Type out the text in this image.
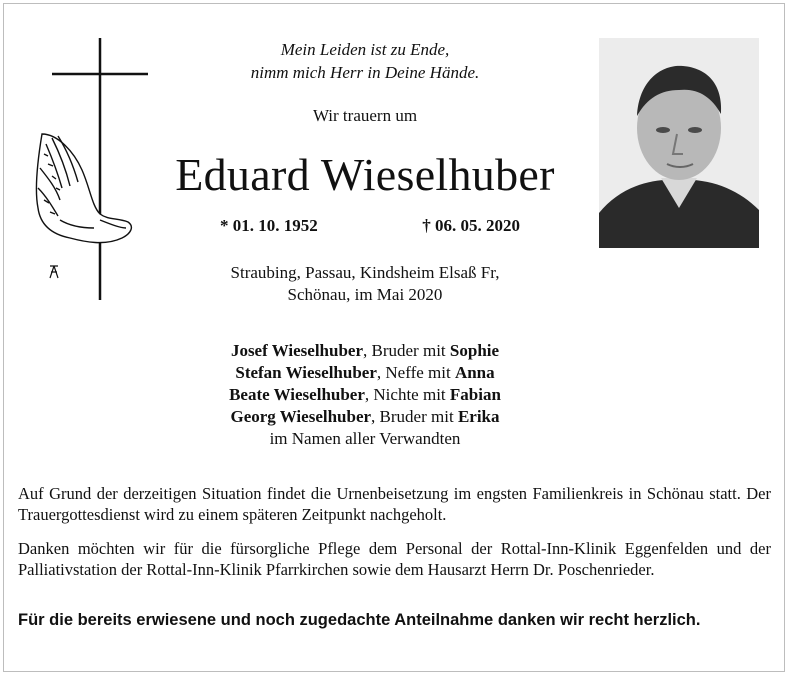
Mein Leiden ist zu Ende,
nimm mich Herr in Deine Hände.
Wir trauern um
Eduard Wieselhuber
* 01. 10. 1952	† 06. 05. 2020
Straubing, Passau, Kindsheim Elsaß Fr,
Schönau, im Mai 2020
Josef Wieselhuber, Bruder mit Sophie
Stefan Wieselhuber, Neffe mit Anna
Beate Wieselhuber, Nichte mit Fabian
Georg Wieselhuber, Bruder mit Erika
im Namen aller Verwandten
Auf Grund der derzeitigen Situation findet die Urnenbeisetzung im engsten Familienkreis in Schönau statt. Der Trauergottesdienst wird zu einem späteren Zeitpunkt nachgeholt.
Danken möchten wir für die fürsorgliche Pflege dem Personal der Rottal-Inn-Klinik Eggenfelden und der Palliativstation der Rottal-Inn-Klinik Pfarrkirchen sowie dem Hausarzt Herrn Dr. Poschenrieder.
Für die bereits erwiesene und noch zugedachte Anteilnahme danken wir recht herzlich.
